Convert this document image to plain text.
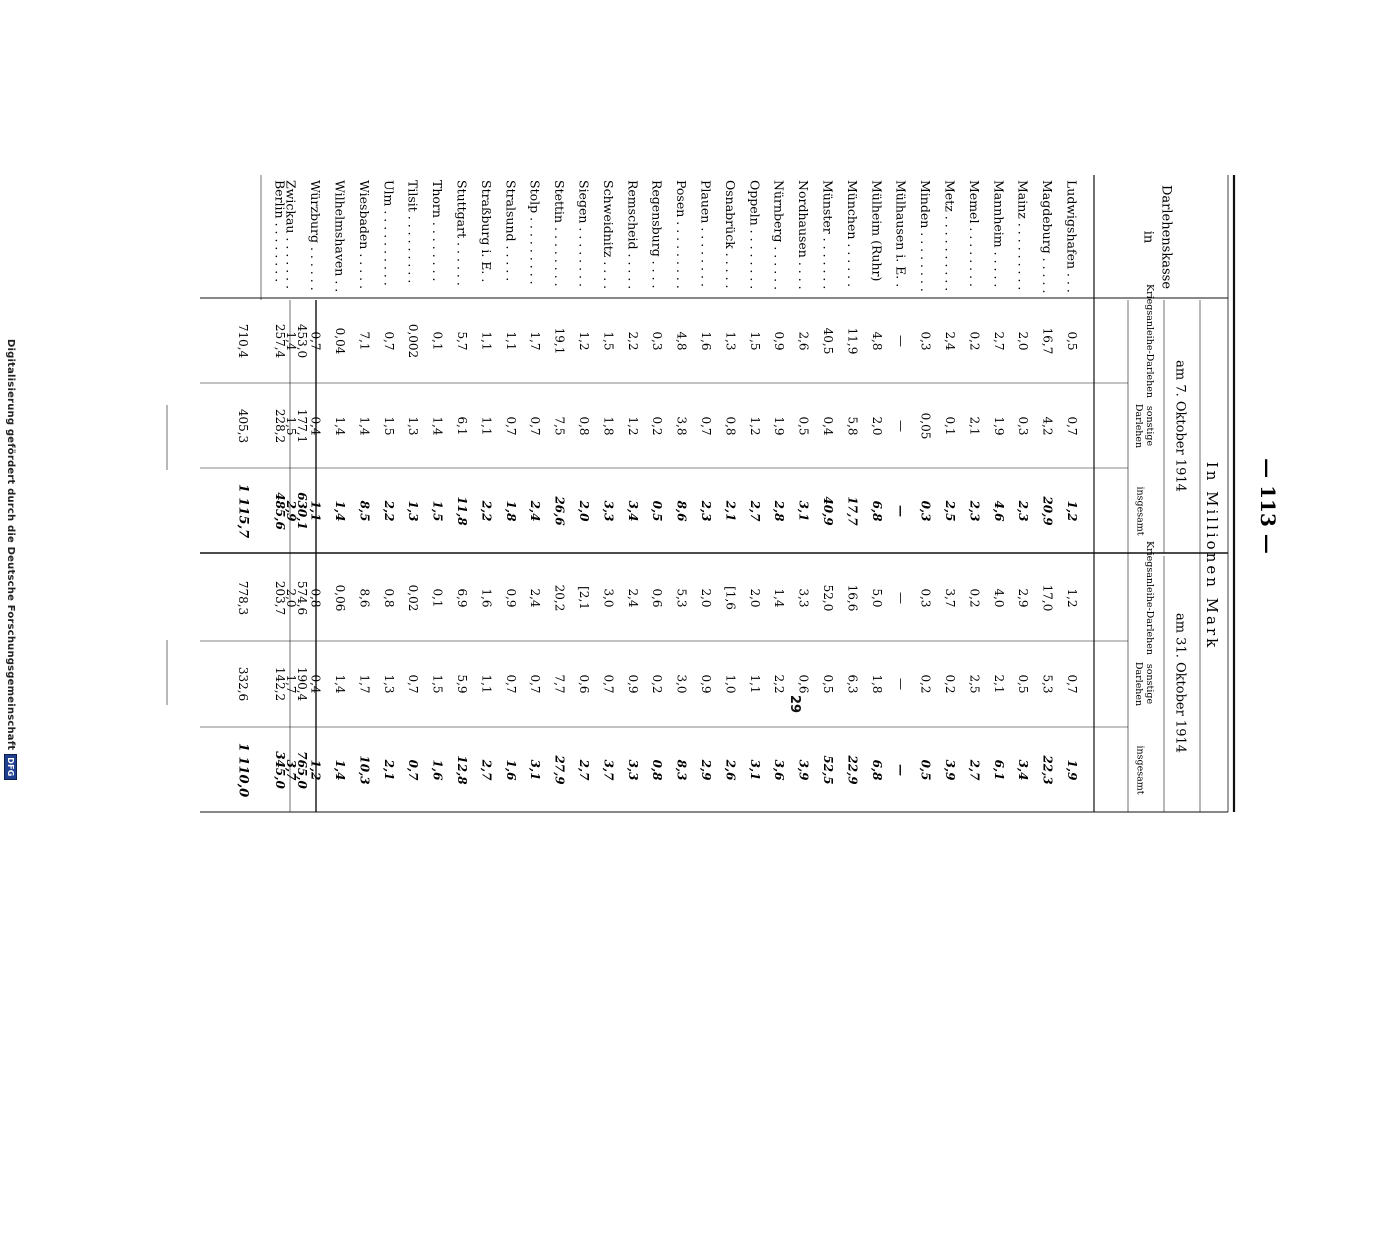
— 113 —
In Millionen Mark
am 7. Oktober 1914
am 31. Oktober 1914
Darlehenskasse
in
Kriegsanleihe-Darlehen
sonstigeDarlehen
insgesamt
Kriegsanleihe-Darlehen
sonstigeDarlehen
insgesamt
Ludwigshafen . . .
0,5
0,7
1,2
0,7
1,2
1,9
Magdeburg . . . . .
16,7
4,2
17,0
5,3
20,9
22,3
Mainz . . . . . . . . .
2,0
0,3
2,9
0,5
2,3
3,4
Mannheim . . . . .
2,7
1,9
4,0
2,1
4,6
6,1
Memel . . . . . . . .
0,2
2,1
0,2
2,5
2,3
2,7
Metz . . . . . . . . . .
2,4
0,1
3,7
0,2
2,5
3,9
Minden . . . . . . . .
0,3
0,05
0,3
0,2
0,3
0,5
Mülhausen i. E. .
—
—
—
—
—
—
Mülheim (Ruhr)
4,8
2,0
5,0
1,8
6,8
6,8
München . . . . . .
11,9
5,8
16,6
6,3
17,7
22,9
Münster . . . . . . .
40,5
0,4
52,0
0,5
40,9
52,5
Nordhausen . . . .
2,6
0,5
3,3
0,6
3,1
3,9
Nürnberg . . . . . .
0,9
1,9
1,4
2,2
2,8
3,6
Oppeln . . . . . . . .
1,5
1,2
2,0
1,1
2,7
3,1
Osnabrück . . . . .
1,3
0,8
[1,6
1,0
2,1
2,6
Plauen . . . . . . . .
1,6
0,7
2,0
0,9
2,3
2,9
Posen . . . . . . . . .
4,8
3,8
5,3
3,0
8,6
8,3
Regensburg . . . .
0,3
0,2
0,6
0,2
0,5
0,8
Remscheid . . . . .
2,2
1,2
2,4
0,9
3,4
3,3
Schweidnitz . . . .
1,5
1,8
3,0
0,7
3,3
3,7
Siegen . . . . . . . .
1,2
0,8
[2,1
0,6
2,0
2,7
Stettin . . . . . . . .
19,1
7,5
20,2
7,7
26,6
27,9
Stolp . . . . . . . . .
1,7
0,7
2,4
0,7
2,4
3,1
Stralsund . . . . .
1,1
0,7
0,9
0,7
1,8
1,6
Straßburg i. E. .
1,1
1,1
1,6
1,1
2,2
2,7
Stuttgart . . . . . .
5,7
6,1
6,9
5,9
11,8
12,8
Thorn . . . . . . . .
0,1
1,4
0,1
1,5
1,5
1,6
Tilsit . . . . . . . . .
0,002
1,3
0,02
0,7
1,3
0,7
Ulm . . . . . . . . . .
0,7
1,5
0,8
1,3
2,2
2,1
Wiesbaden . . . . .
7,1
1,4
8,6
1,7
8,5
10,3
Wilhelmshaven . .
0,04
1,4
0,06
1,4
1,4
1,4
Würzburg . . . . . .
0,7
0,4
0,8
0,4
1,1
1,2
Zwickau . . . . . . .
1,4
1,5
2,0
1,7
2,9
3,7
453,0
177,1
574,6
190,4
630,1
765,0
Berlin . . . . . . . .
257,4
228,2
203,7
142,2
485,6
345,0
710,4
405,3
778,3
332,6
1 115,7
1 110,0
29
Digitalisierung gefördert durch die Deutsche Forschungsgemeinschaft
DFG
